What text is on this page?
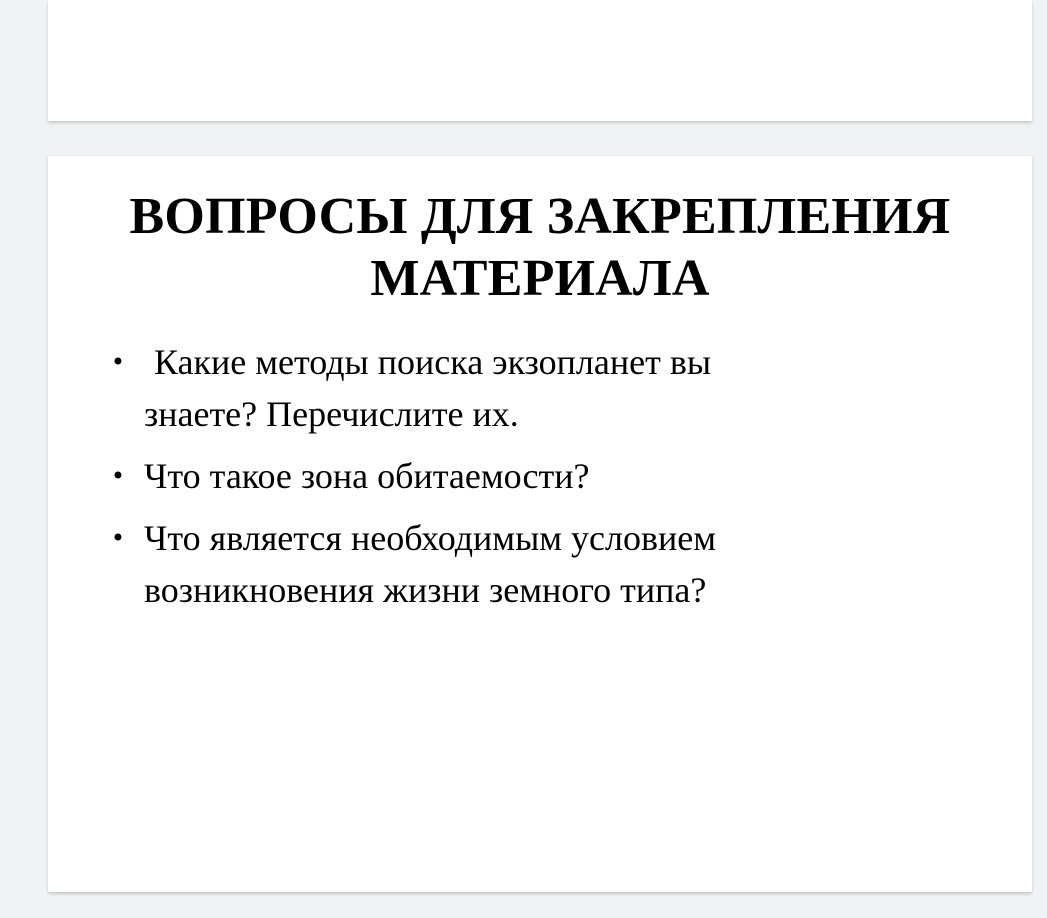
ВОПРОСЫ ДЛЯ ЗАКРЕПЛЕНИЯ
МАТЕРИАЛА
• Какие методы поиска экзопланет вы
знаете? Перечислите их.
• Что такое зона обитаемости?
• Что является необходимым условием
возникновения жизни земного типа?
